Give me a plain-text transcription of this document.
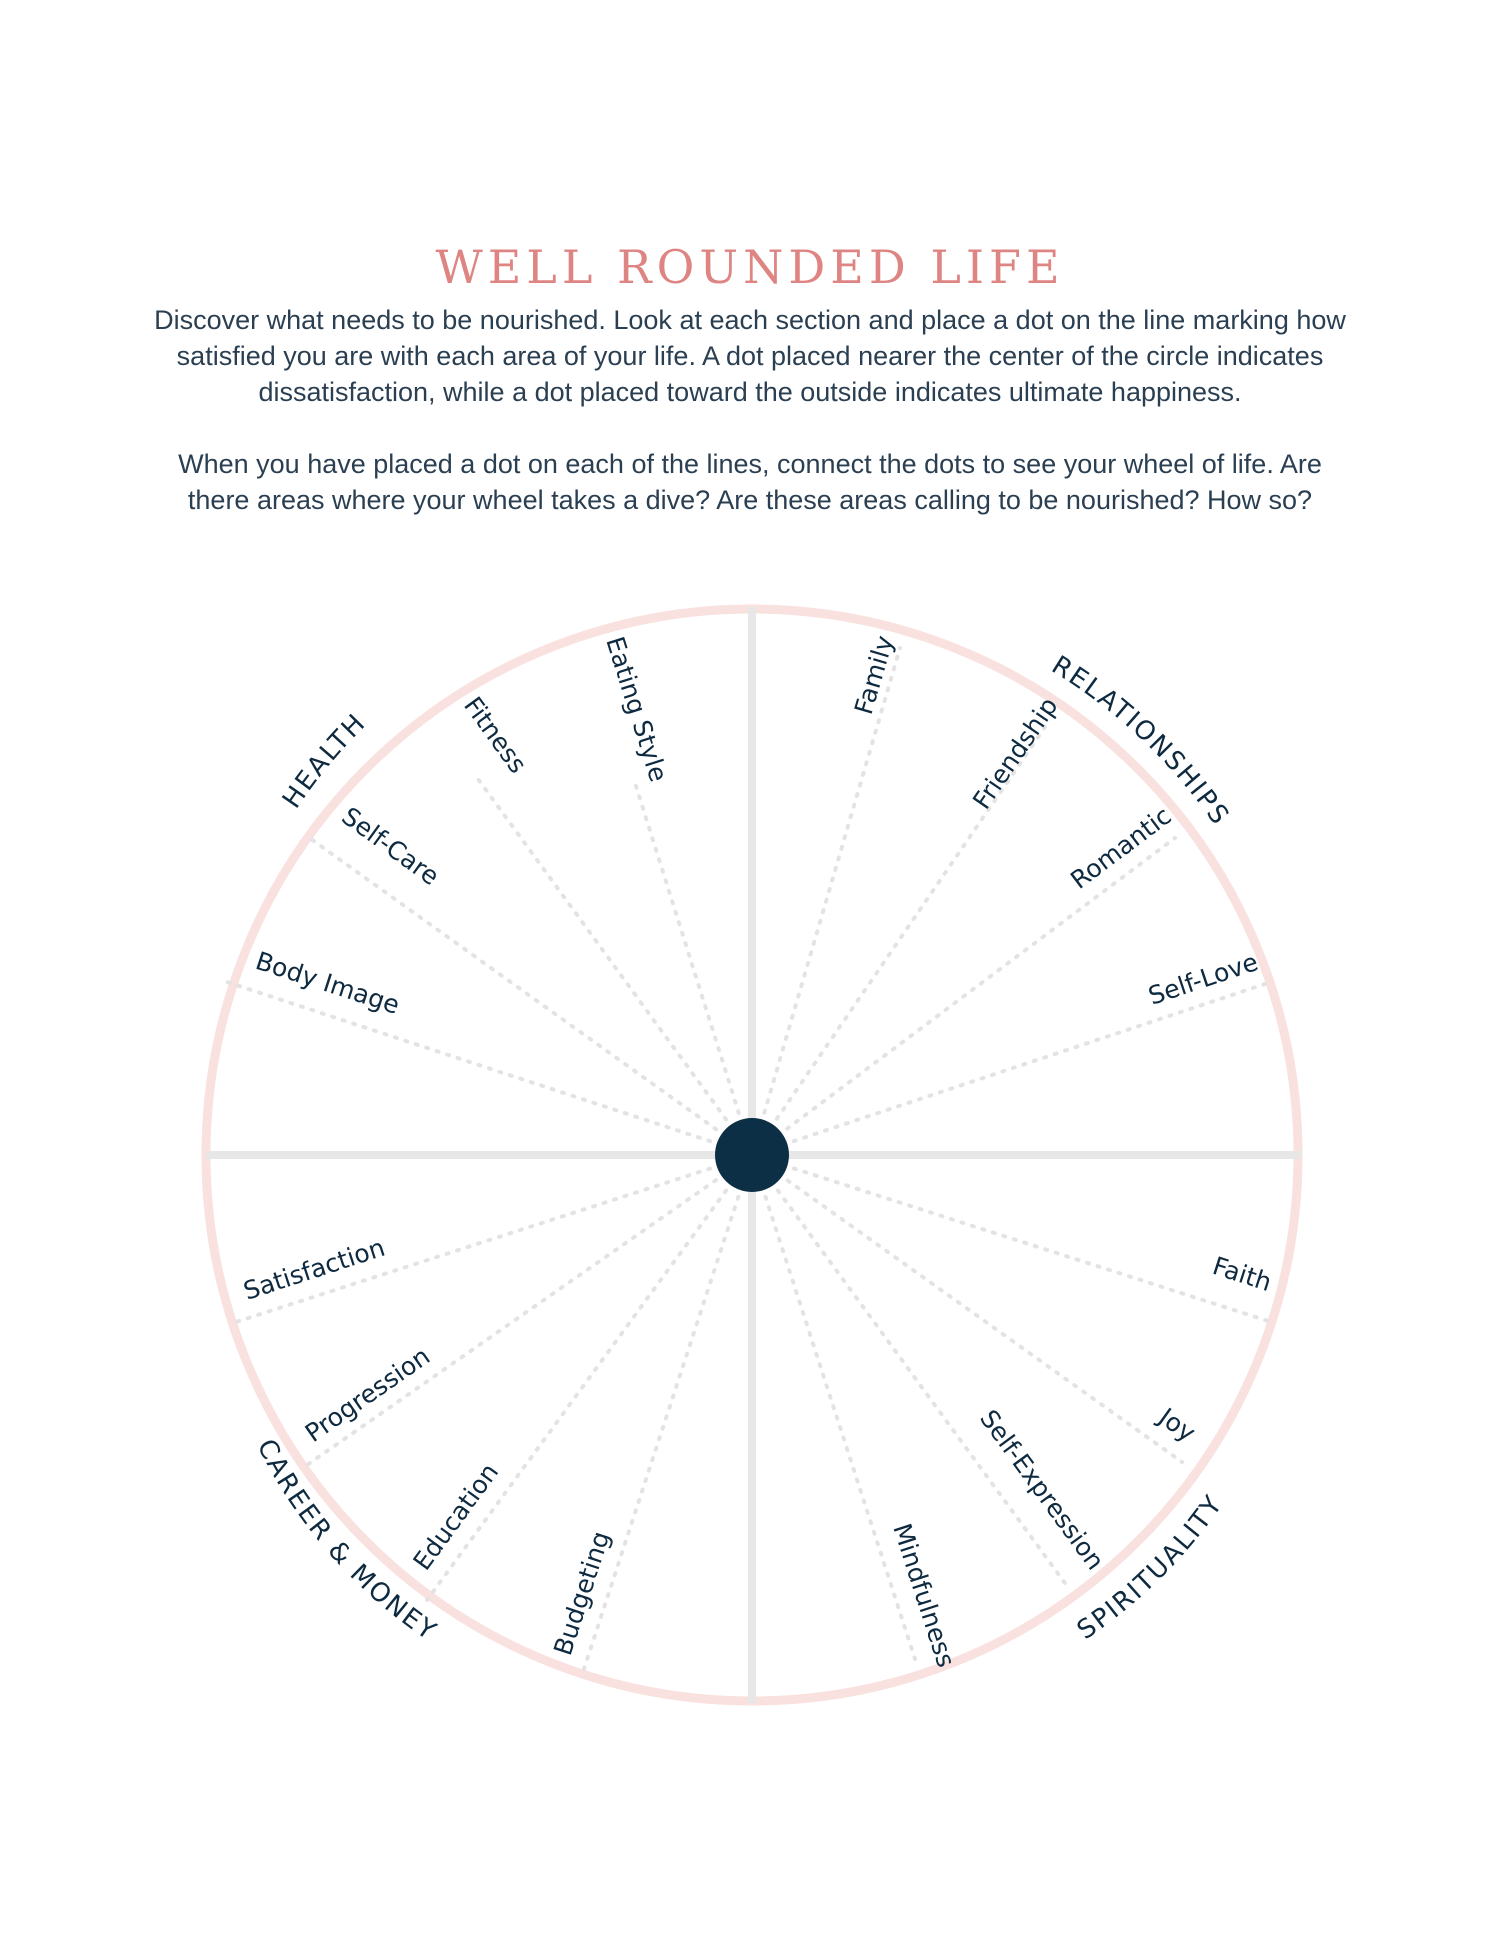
WELL ROUNDED LIFE

Discover what needs to be nourished. Look at each section and place a dot on the line marking how satisfied you are with each area of your life. A dot placed nearer the center of the circle indicates dissatisfaction, while a dot placed toward the outside indicates ultimate happiness.

When you have placed a dot on each of the lines, connect the dots to see your wheel of life. Are there areas where your wheel takes a dive? Are these areas calling to be nourished? How so?

HEALTH
RELATIONSHIPS
SPIRITUALITY
CAREER & MONEY
Eating Style
Fitness
Self-Care
Body Image
Family
Friendship
Romantic
Self-Love
Faith
Joy
Self-Expression
Mindfulness
Satisfaction
Progression
Education
Budgeting
